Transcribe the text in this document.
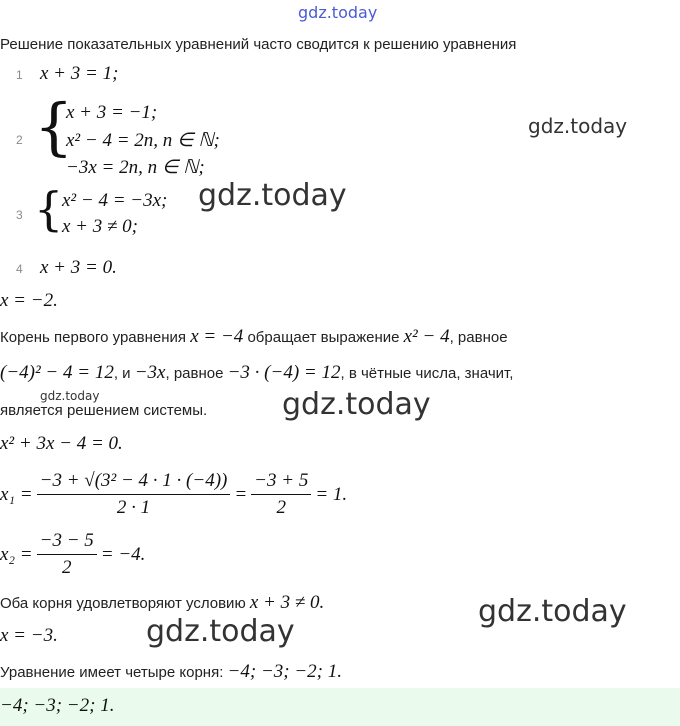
gdz.today
Решение показательных уравнений часто сводится к решению уравнения
1 x + 3 = 1;
2 {
x + 3 = −1;
x² − 4 = 2n, n ∈ ℕ;
−3x = 2n, n ∈ ℕ;
3 {
x² − 4 = −3x;
x + 3 ≠ 0;
4 x + 3 = 0.
x = −2.
Корень первого уравнения x = −4 обращает выражение x² − 4, равное
(−4)² − 4 = 12, и −3x, равное −3 · (−4) = 12, в чётные числа, значит,
является решением системы.
x² + 3x − 4 = 0.
$x_1 = \frac{\text{−3 + √(3² − 4 · 1 · (−4))}}{2 \cdot 1} = \frac{-3 + 5}{2} = 1$.
$x_2 = \frac{-3 - 5}{2} = -4$.
Оба корня удовлетворяют условию x + 3 ≠ 0.
x = −3.
Уравнение имеет четыре корня: −4; −3; −2; 1.
−4; −3; −2; 1.
gdz.today
gdz.today
gdz.today	gdz.today
gdz.today
gdz.today
